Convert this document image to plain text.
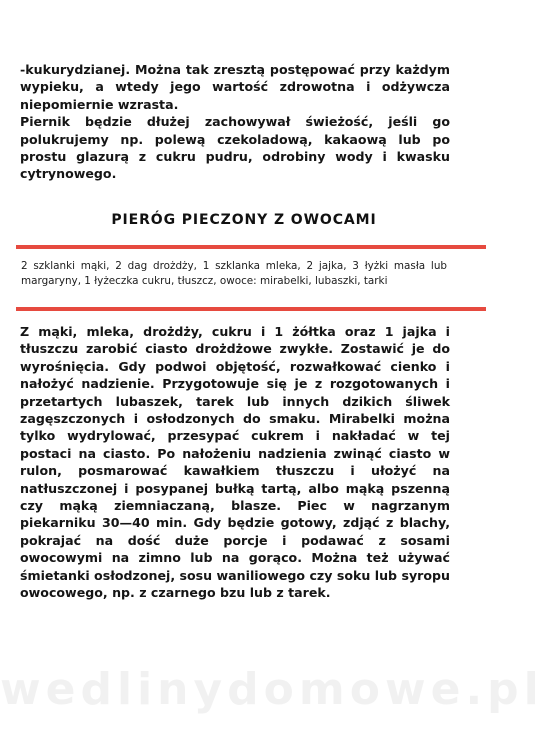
-kukurydzianej. Można tak zresztą postępować przy każdym wypieku, a wtedy jego wartość zdrowotna i odżywcza niepomiernie wzrasta.

Piernik będzie dłużej zachowywał świeżość, jeśli go polukrujemy np. polewą czekoladową, kakaową lub po prostu glazurą z cukru pudru, odrobiny wody i kwasku cytrynowego.

PIERÓG PIECZONY Z OWOCAMI
2 szklanki mąki, 2 dag drożdży, 1 szklanka mleka, 2 jajka, 3 łyżki masła lub margaryny, 1 łyżeczka cukru, tłuszcz, owoce: mirabelki, lubaszki, tarki
Z mąki, mleka, drożdży, cukru i 1 żółtka oraz 1 jajka i tłuszczu zarobić ciasto drożdżowe zwykłe. Zostawić je do wyrośnięcia. Gdy podwoi objętość, rozwałkować cienko i nałożyć nadzienie. Przygotowuje się je z rozgotowanych i przetartych lubaszek, tarek lub innych dzikich śliwek zagęszczonych i osłodzonych do smaku. Mirabelki można tylko wydrylować, przesypać cukrem i nakładać w tej postaci na ciasto. Po nałożeniu nadzienia zwinąć ciasto w rulon, posmarować kawałkiem tłuszczu i ułożyć na natłuszczonej i posypanej bułką tartą, albo mąką pszenną czy mąką ziemniaczaną, blasze. Piec w nagrzanym piekarniku 30—40 min. Gdy będzie gotowy, zdjąć z blachy, pokrajać na dość duże porcje i podawać z sosami owocowymi na zimno lub na gorąco. Można też używać śmietanki osłodzonej, sosu waniliowego czy soku lub syropu owocowego, np. z czarnego bzu lub z tarek.
wedlinydomowe.pl
